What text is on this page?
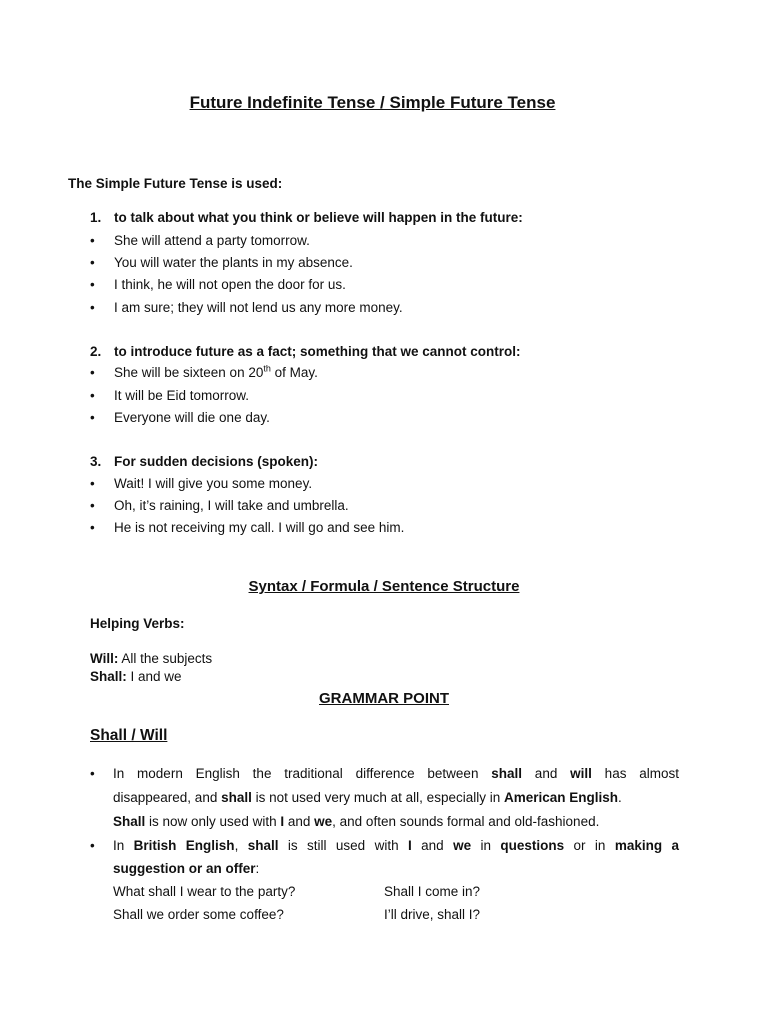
Future Indefinite Tense / Simple Future Tense
The Simple Future Tense is used:
1. to talk about what you think or believe will happen in the future:
• She will attend a party tomorrow.
• You will water the plants in my absence.
• I think, he will not open the door for us.
• I am sure; they will not lend us any more money.
2. to introduce future as a fact; something that we cannot control:
• She will be sixteen on 20th of May.
• It will be Eid tomorrow.
• Everyone will die one day.
3. For sudden decisions (spoken):
• Wait! I will give you some money.
• Oh, it’s raining, I will take and umbrella.
• He is not receiving my call. I will go and see him.
Syntax / Formula / Sentence Structure
Helping Verbs:
Will: All the subjects
Shall: I and we
GRAMMAR POINT
Shall / Will
• In modern English the traditional difference between shall and will has almost
disappeared, and shall is not used very much at all, especially in American English.
Shall is now only used with I and we, and often sounds formal and old-fashioned.
• In British English, shall is still used with I and we in questions or in making a
suggestion or an offer:
What shall I wear to the party?	Shall I come in?
Shall we order some coffee?	I’ll drive, shall I?
